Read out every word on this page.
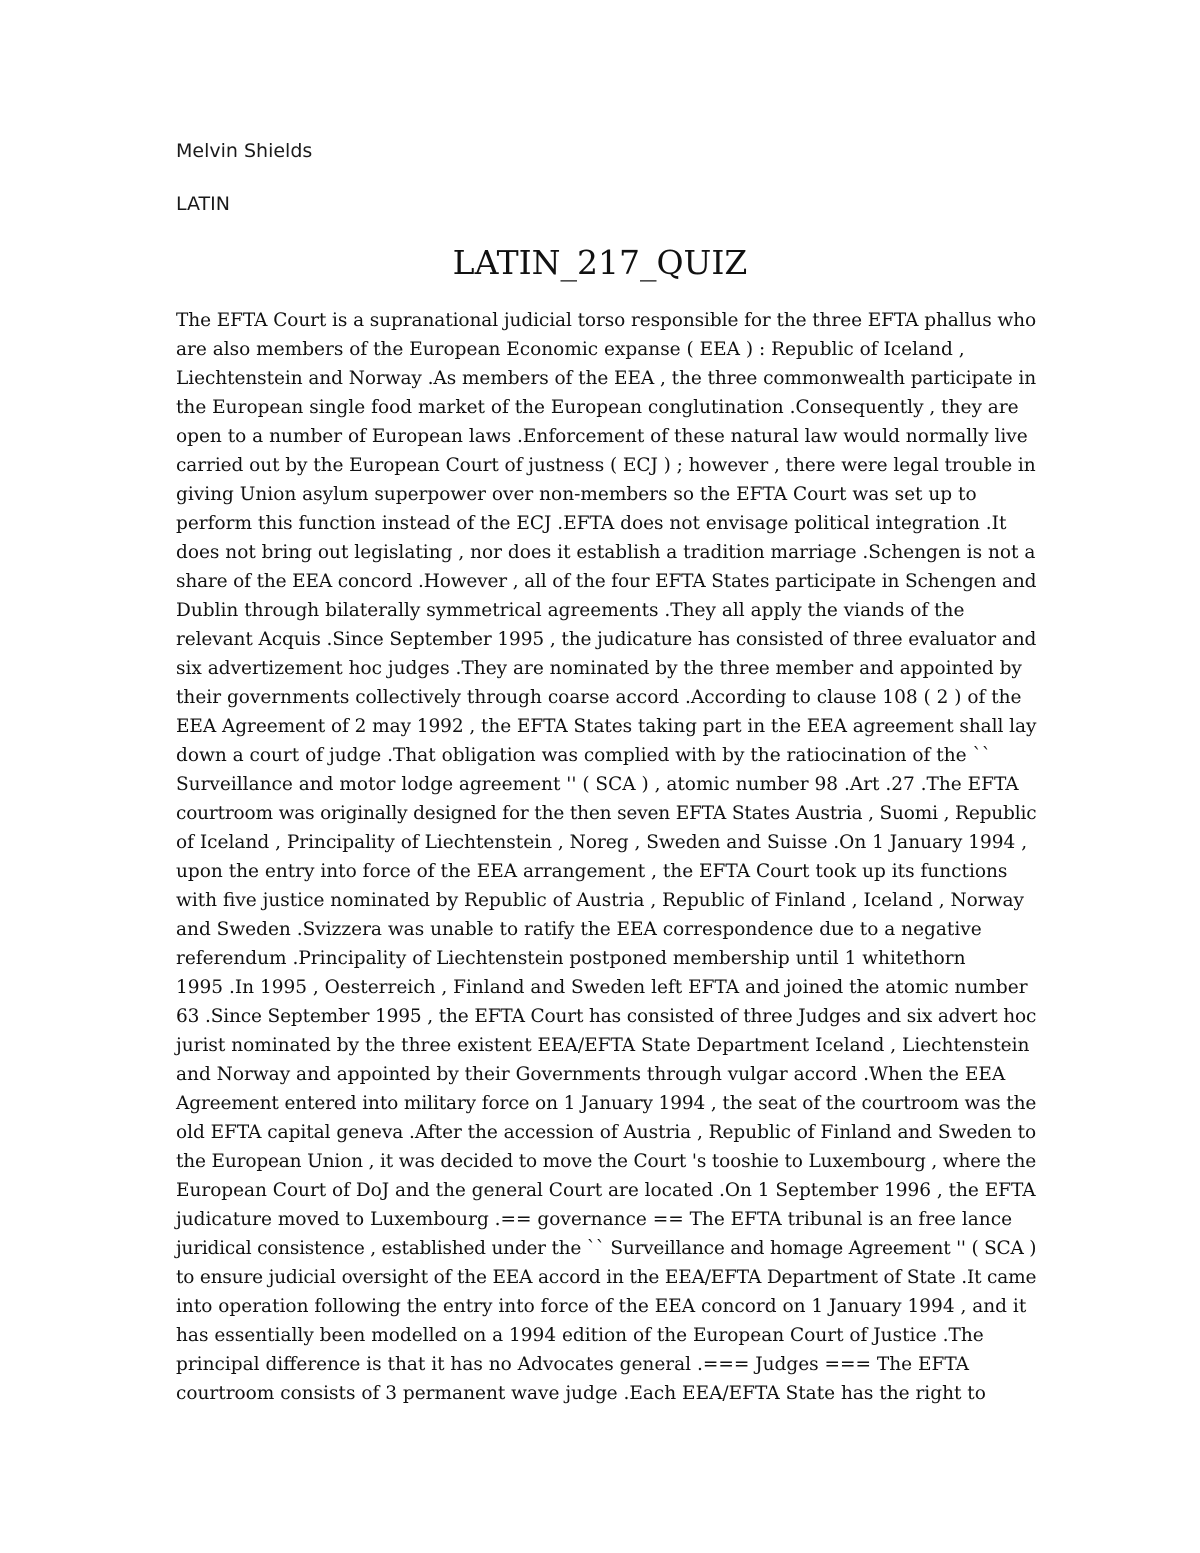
Melvin Shields

LATIN

LATIN_217_QUIZ
The EFTA Court is a supranational judicial torso responsible for the three EFTA phallus who
are also members of the European Economic expanse ( EEA ) : Republic of Iceland ,
Liechtenstein and Norway .As members of the EEA , the three commonwealth participate in
the European single food market of the European conglutination .Consequently , they are
open to a number of European laws .Enforcement of these natural law would normally live
carried out by the European Court of justness ( ECJ ) ; however , there were legal trouble in
giving Union asylum superpower over non-members so the EFTA Court was set up to
perform this function instead of the ECJ .EFTA does not envisage political integration .It
does not bring out legislating , nor does it establish a tradition marriage .Schengen is not a
share of the EEA concord .However , all of the four EFTA States participate in Schengen and
Dublin through bilaterally symmetrical agreements .They all apply the viands of the
relevant Acquis .Since September 1995 , the judicature has consisted of three evaluator and
six advertizement hoc judges .They are nominated by the three member and appointed by
their governments collectively through coarse accord .According to clause 108 ( 2 ) of the
EEA Agreement of 2 may 1992 , the EFTA States taking part in the EEA agreement shall lay
down a court of judge .That obligation was complied with by the ratiocination of the ``
Surveillance and motor lodge agreement '' ( SCA ) , atomic number 98 .Art .27 .The EFTA
courtroom was originally designed for the then seven EFTA States Austria , Suomi , Republic
of Iceland , Principality of Liechtenstein , Noreg , Sweden and Suisse .On 1 January 1994 ,
upon the entry into force of the EEA arrangement , the EFTA Court took up its functions
with five justice nominated by Republic of Austria , Republic of Finland , Iceland , Norway
and Sweden .Svizzera was unable to ratify the EEA correspondence due to a negative
referendum .Principality of Liechtenstein postponed membership until 1 whitethorn
1995 .In 1995 , Oesterreich , Finland and Sweden left EFTA and joined the atomic number
63 .Since September 1995 , the EFTA Court has consisted of three Judges and six advert hoc
jurist nominated by the three existent EEA/EFTA State Department Iceland , Liechtenstein
and Norway and appointed by their Governments through vulgar accord .When the EEA
Agreement entered into military force on 1 January 1994 , the seat of the courtroom was the
old EFTA capital geneva .After the accession of Austria , Republic of Finland and Sweden to
the European Union , it was decided to move the Court 's tooshie to Luxembourg , where the
European Court of DoJ and the general Court are located .On 1 September 1996 , the EFTA
judicature moved to Luxembourg .== governance == The EFTA tribunal is an free lance
juridical consistence , established under the `` Surveillance and homage Agreement '' ( SCA )
to ensure judicial oversight of the EEA accord in the EEA/EFTA Department of State .It came
into operation following the entry into force of the EEA concord on 1 January 1994 , and it
has essentially been modelled on a 1994 edition of the European Court of Justice .The
principal difference is that it has no Advocates general .=== Judges === The EFTA
courtroom consists of 3 permanent wave judge .Each EEA/EFTA State has the right to
